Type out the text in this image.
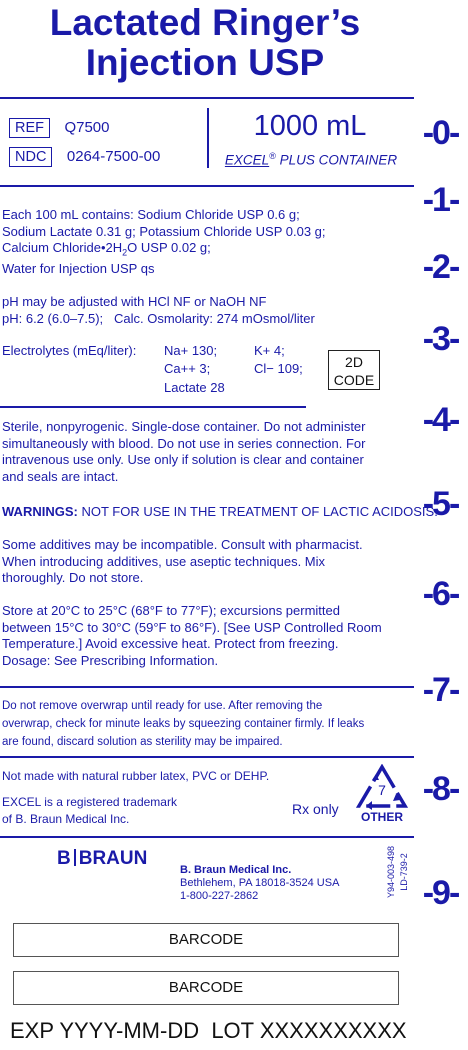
Lactated Ringer’s
Injection USP
-0-
-1-
-2-
-3-
-4-
-5-
-6-
-7-
-8-
-9-
REF Q7500
NDC 0264-7500-00
1000 mL
EXCEL® PLUS CONTAINER
Each 100 mL contains: Sodium Chloride USP 0.6 g;
Sodium Lactate 0.31 g; Potassium Chloride USP 0.03 g;
Calcium $Chloride•2H_2O$ USP 0.02 g;
Water for Injection USP qs
pH may be adjusted with HCl NF or NaOH NF
pH: 6.2 (6.0–7.5);   Calc. Osmolarity: 274 mOsmol/liter
Electrolytes (mEq/liter): Na+ 130;	K+ 4;
Ca++ 3;	Cl− 109;
Lactate 28
2D
CODE
Sterile, nonpyrogenic. Single-dose container. Do not administer
simultaneously with blood. Do not use in series connection. For
intravenous use only. Use only if solution is clear and container
and seals are intact.
WARNINGS: NOT FOR USE IN THE TREATMENT OF LACTIC ACIDOSIS.
Some additives may be incompatible. Consult with pharmacist.
When introducing additives, use aseptic techniques. Mix
thoroughly. Do not store.
Store at 20°C to 25°C (68°F to 77°F); excursions permitted
between 15°C to 30°C (59°F to 86°F). [See USP Controlled Room
Temperature.] Avoid excessive heat. Protect from freezing.
Dosage: See Prescribing Information.
Do not remove overwrap until ready for use. After removing the
overwrap, check for minute leaks by squeezing container firmly. If leaks
are found, discard solution as sterility may be impaired.
Not made with natural rubber latex, PVC or DEHP.
EXCEL is a registered trademark
of B. Braun Medical Inc.
Rx only
7
OTHER
B BRAUN
B. Braun Medical Inc.
Bethlehem, PA 18018-3524 USA
1-800-227-2862	Y94-003-498 LD-739-2
BARCODE
BARCODE
EXP YYYY-MM-DD  LOT XXXXXXXXXX
